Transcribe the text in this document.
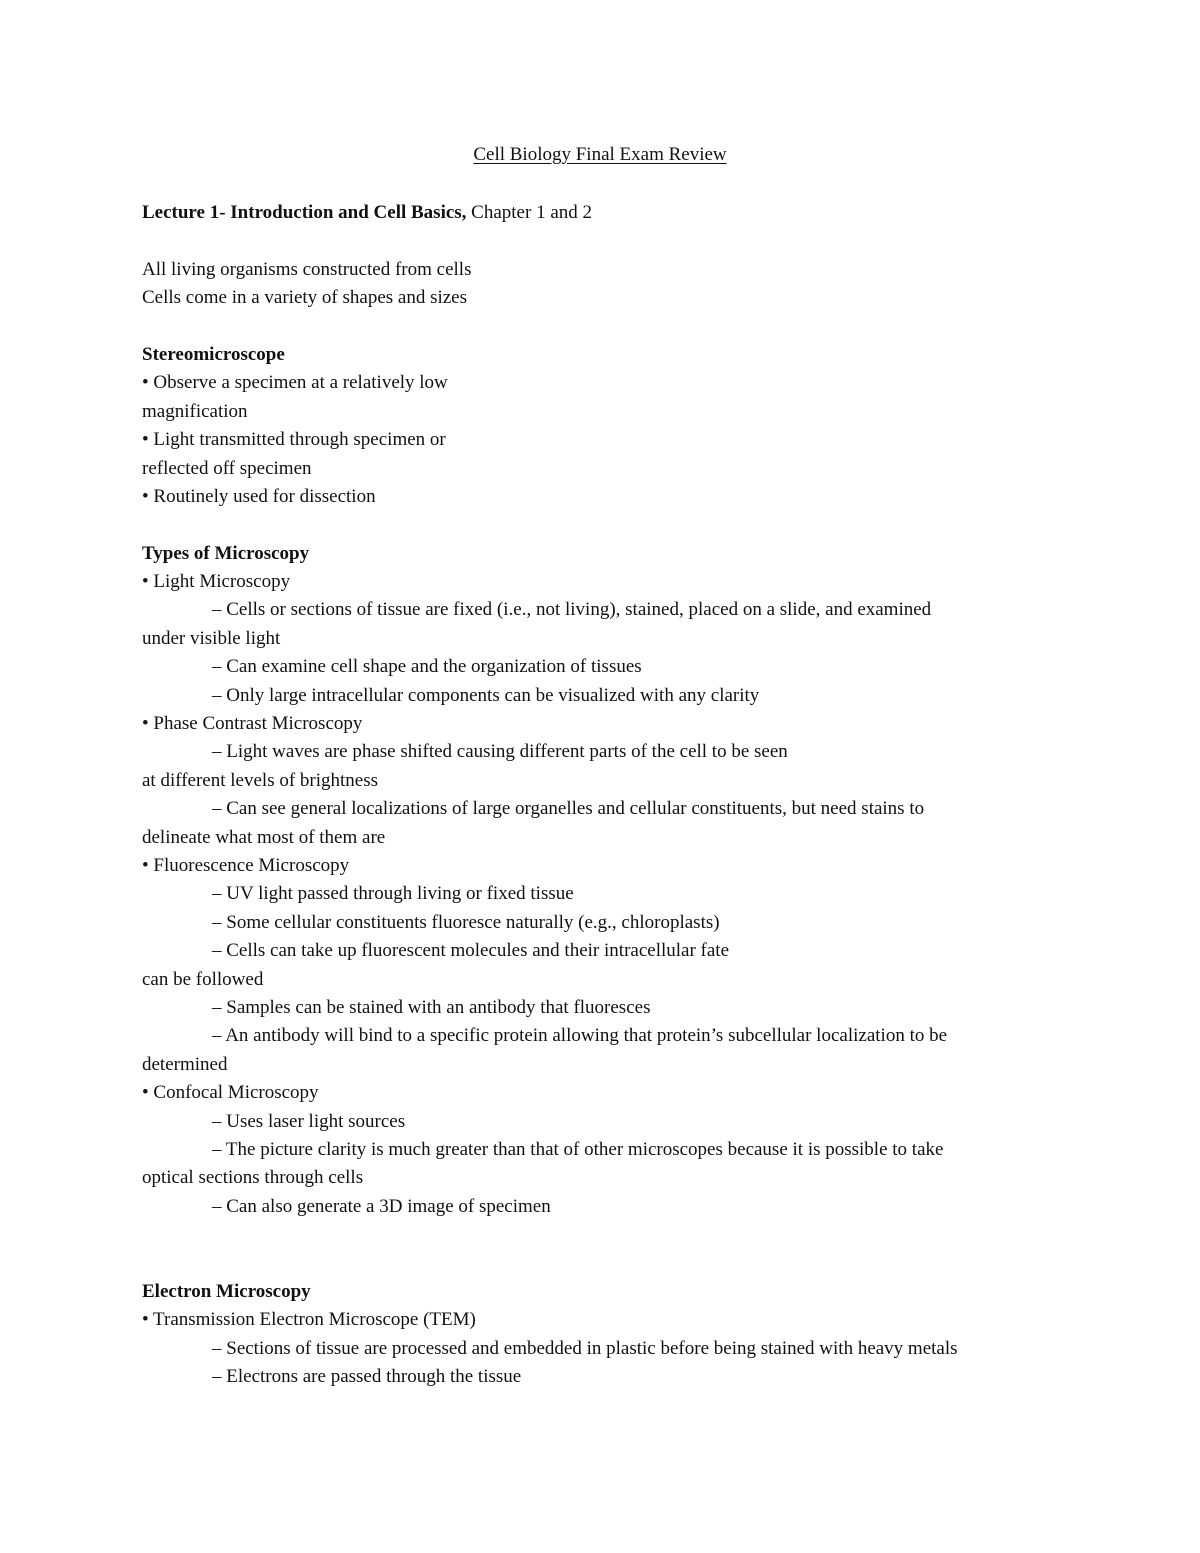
Cell Biology Final Exam Review
Lecture 1- Introduction and Cell Basics, Chapter 1 and 2
All living organisms constructed from cells
Cells come in a variety of shapes and sizes
Stereomicroscope
• Observe a specimen at a relatively low
magnification
• Light transmitted through specimen or
reflected off specimen
• Routinely used for dissection
Types of Microscopy
• Light Microscopy
– Cells or sections of tissue are fixed (i.e., not living), stained, placed on a slide, and examined
under visible light
– Can examine cell shape and the organization of tissues
– Only large intracellular components can be visualized with any clarity
• Phase Contrast Microscopy
– Light waves are phase shifted causing different parts of the cell to be seen
at different levels of brightness
– Can see general localizations of large organelles and cellular constituents, but need stains to
delineate what most of them are
• Fluorescence Microscopy
– UV light passed through living or fixed tissue
– Some cellular constituents fluoresce naturally (e.g., chloroplasts)
– Cells can take up fluorescent molecules and their intracellular fate
can be followed
– Samples can be stained with an antibody that fluoresces
– An antibody will bind to a specific protein allowing that protein’s subcellular localization to be
determined
• Confocal Microscopy
– Uses laser light sources
– The picture clarity is much greater than that of other microscopes because it is possible to take
optical sections through cells
– Can also generate a 3D image of specimen
Electron Microscopy
• Transmission Electron Microscope (TEM)
– Sections of tissue are processed and embedded in plastic before being stained with heavy metals
– Electrons are passed through the tissue
